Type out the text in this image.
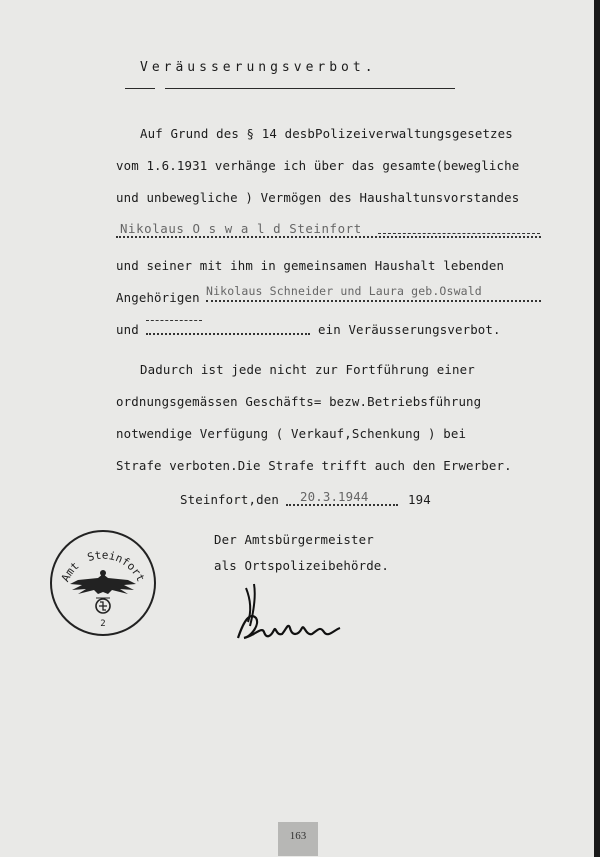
Veräusserungsverbot.
Auf Grund des § 14 desbPolizeiverwaltungsgesetzes
vom 1.6.1931 verhänge ich über das gesamte(bewegliche
und unbewegliche ) Vermögen des Haushaltunsvorstandes
Nikolaus O s w a l d Steinfort
und seiner mit ihm in gemeinsamen Haushalt lebenden
Angehörigen Nikolaus Schneider und Laura geb.Oswald
und	ein Veräusserungsverbot.
Dadurch ist jede nicht zur Fortführung einer
ordnungsgemässen Geschäfts= bezw.Betriebsführung
notwendige Verfügung ( Verkauf,Schenkung ) bei
Strafe verboten.Die Strafe trifft auch den Erwerber.
Steinfort,den 20.3.1944	194
Der Amtsbürgermeister
als Ortspolizeibehörde.
Amt Steinfort
2
163
